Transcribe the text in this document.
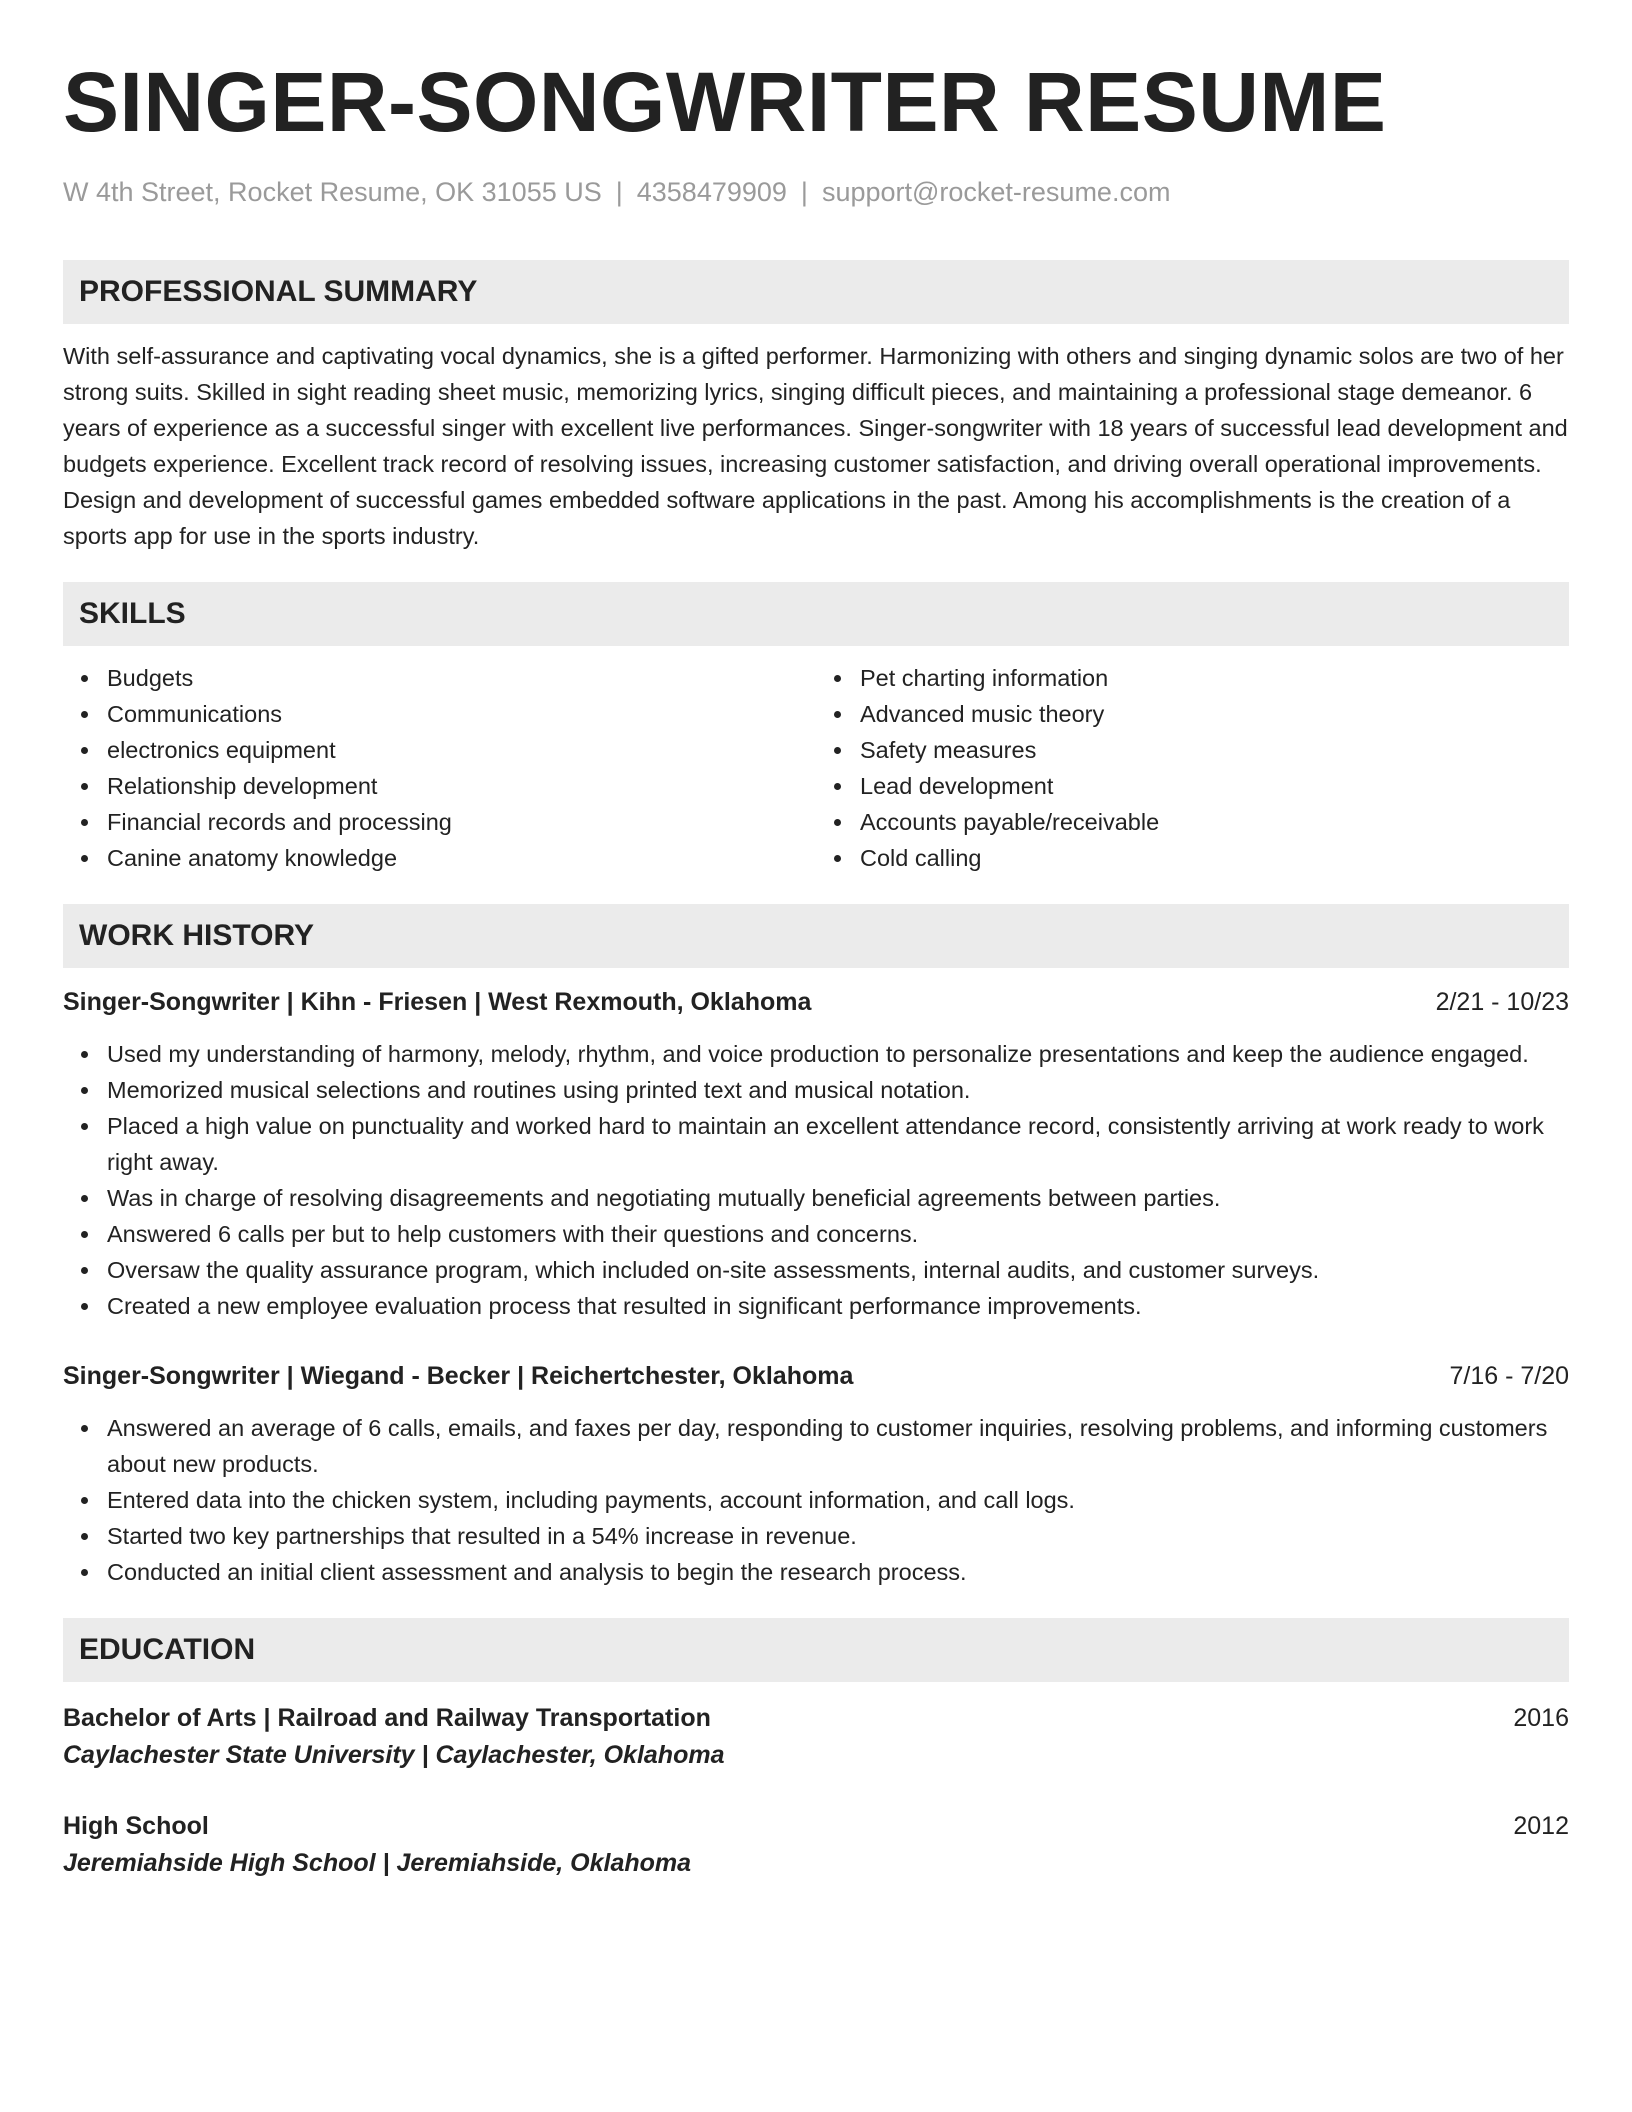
SINGER-SONGWRITER RESUME
W 4th Street, Rocket Resume, OK 31055 US | 4358479909 | support@rocket-resume.com
PROFESSIONAL SUMMARY
With self-assurance and captivating vocal dynamics, she is a gifted performer. Harmonizing with others and singing dynamic solos are two of her strong suits. Skilled in sight reading sheet music, memorizing lyrics, singing difficult pieces, and maintaining a professional stage demeanor. 6 years of experience as a successful singer with excellent live performances. Singer-songwriter with 18 years of successful lead development and budgets experience. Excellent track record of resolving issues, increasing customer satisfaction, and driving overall operational improvements. Design and development of successful games embedded software applications in the past. Among his accomplishments is the creation of a sports app for use in the sports industry.
SKILLS
Budgets
Communications
electronics equipment
Relationship development
Financial records and processing
Canine anatomy knowledge
Pet charting information
Advanced music theory
Safety measures
Lead development
Accounts payable/receivable
Cold calling
WORK HISTORY
Singer-Songwriter | Kihn - Friesen | West Rexmouth, Oklahoma	2/21 - 10/23
Used my understanding of harmony, melody, rhythm, and voice production to personalize presentations and keep the audience engaged.
Memorized musical selections and routines using printed text and musical notation.
Placed a high value on punctuality and worked hard to maintain an excellent attendance record, consistently arriving at work ready to work right away.
Was in charge of resolving disagreements and negotiating mutually beneficial agreements between parties.
Answered 6 calls per but to help customers with their questions and concerns.
Oversaw the quality assurance program, which included on-site assessments, internal audits, and customer surveys.
Created a new employee evaluation process that resulted in significant performance improvements.
Singer-Songwriter | Wiegand - Becker | Reichertchester, Oklahoma	7/16 - 7/20
Answered an average of 6 calls, emails, and faxes per day, responding to customer inquiries, resolving problems, and informing customers about new products.
Entered data into the chicken system, including payments, account information, and call logs.
Started two key partnerships that resulted in a 54% increase in revenue.
Conducted an initial client assessment and analysis to begin the research process.
EDUCATION
Bachelor of Arts | Railroad and Railway Transportation	2016
Caylachester State University | Caylachester, Oklahoma
High School	2012
Jeremiahside High School | Jeremiahside, Oklahoma
